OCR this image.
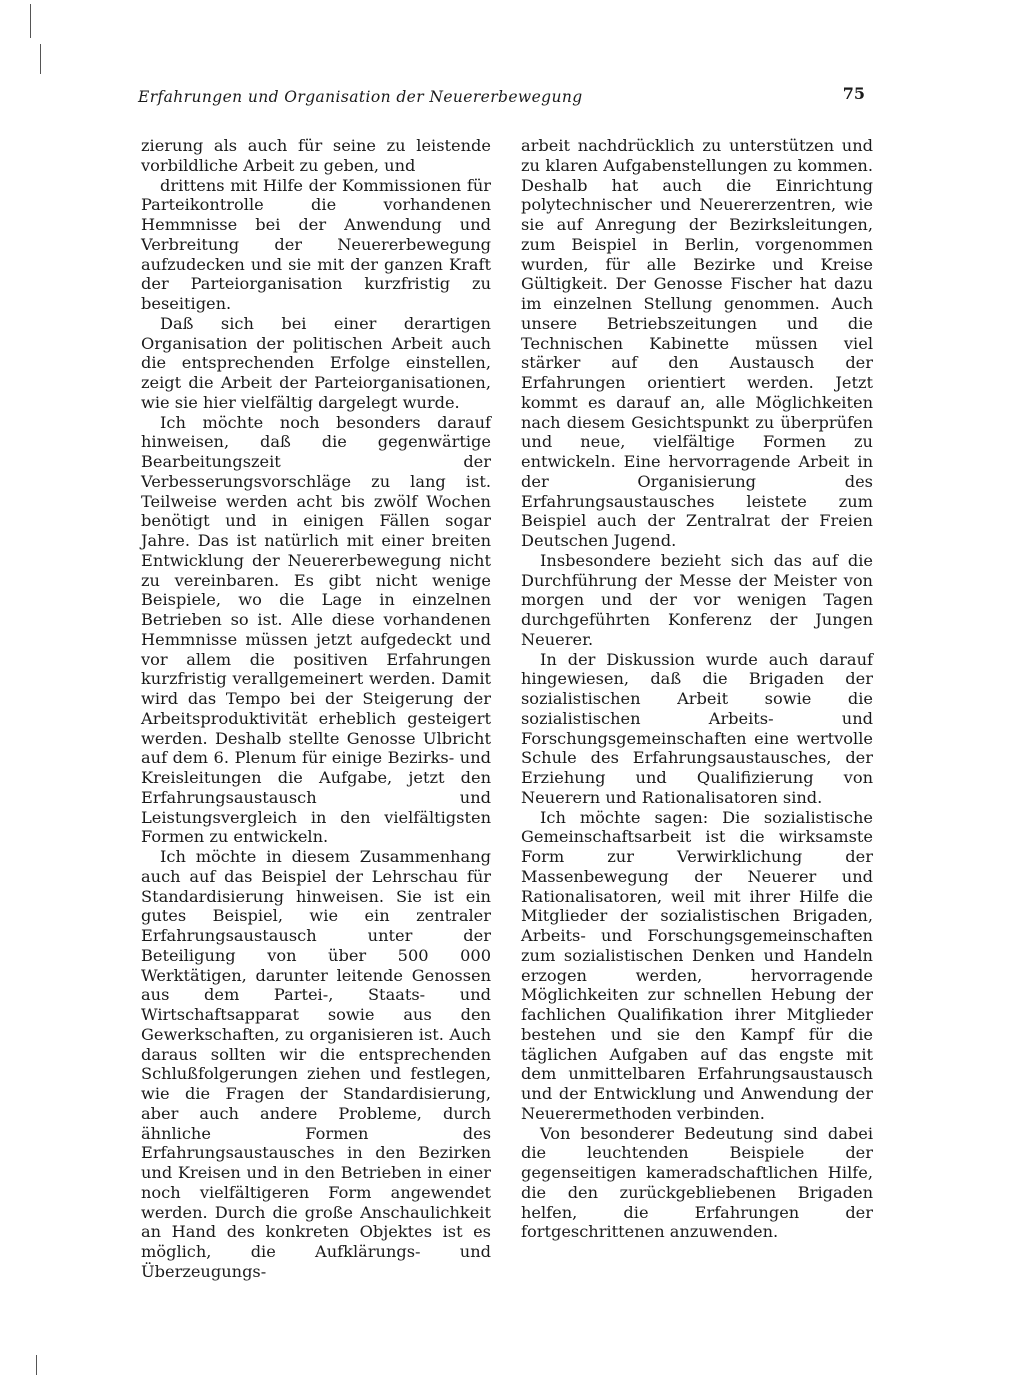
Erfahrungen und Organisation der Neuererbewegung	75

zierung als auch für seine zu leistende vorbildliche Arbeit zu geben, und

drittens mit Hilfe der Kommissionen für Parteikontrolle die vorhandenen Hemmnisse bei der Anwendung und Verbreitung der Neuererbewegung aufzudecken und sie mit der ganzen Kraft der Parteiorganisation kurzfristig zu beseitigen.

Daß sich bei einer derartigen Organisation der politischen Arbeit auch die entsprechenden Erfolge einstellen, zeigt die Arbeit der Parteiorganisationen, wie sie hier vielfältig dargelegt wurde.

Ich möchte noch besonders darauf hinweisen, daß die gegenwärtige Bearbeitungszeit der Verbesserungsvorschläge zu lang ist. Teilweise werden acht bis zwölf Wochen benötigt und in einigen Fällen sogar Jahre. Das ist natürlich mit einer breiten Entwicklung der Neuererbewegung nicht zu vereinbaren. Es gibt nicht wenige Beispiele, wo die Lage in einzelnen Betrieben so ist. Alle diese vorhandenen Hemmnisse müssen jetzt aufgedeckt und vor allem die positiven Erfahrungen kurzfristig verallgemeinert werden. Damit wird das Tempo bei der Steigerung der Arbeitsproduktivität erheblich gesteigert werden. Deshalb stellte Genosse Ulbricht auf dem 6. Plenum für einige Bezirks- und Kreisleitungen die Aufgabe, jetzt den Erfahrungsaustausch und Leistungsvergleich in den vielfältigsten Formen zu entwickeln.

Ich möchte in diesem Zusammenhang auch auf das Beispiel der Lehrschau für Standardisierung hinweisen. Sie ist ein gutes Beispiel, wie ein zentraler Erfahrungsaustausch unter der Beteiligung von über 500 000 Werktätigen, darunter leitende Genossen aus dem Partei-, Staats- und Wirtschaftsapparat sowie aus den Gewerkschaften, zu organisieren ist. Auch daraus sollten wir die entsprechenden Schlußfolgerungen ziehen und festlegen, wie die Fragen der Standardisierung, aber auch andere Probleme, durch ähnliche Formen des Erfahrungsaustausches in den Bezirken und Kreisen und in den Betrieben in einer noch vielfältigeren Form angewendet werden. Durch die große Anschaulichkeit an Hand des konkreten Objektes ist es möglich, die Aufklärungs- und Überzeugungs-

arbeit nachdrücklich zu unterstützen und zu klaren Aufgabenstellungen zu kommen. Deshalb hat auch die Einrichtung polytechnischer und Neuererzentren, wie sie auf Anregung der Bezirksleitungen, zum Beispiel in Berlin, vorgenommen wurden, für alle Bezirke und Kreise Gültigkeit. Der Genosse Fischer hat dazu im einzelnen Stellung genommen. Auch unsere Betriebszeitungen und die Technischen Kabinette müssen viel stärker auf den Austausch der Erfahrungen orientiert werden. Jetzt kommt es darauf an, alle Möglichkeiten nach diesem Gesichtspunkt zu überprüfen und neue, vielfältige Formen zu entwickeln. Eine hervorragende Arbeit in der Organisierung des Erfahrungsaustausches leistete zum Beispiel auch der Zentralrat der Freien Deutschen Jugend.

Insbesondere bezieht sich das auf die Durchführung der Messe der Meister von morgen und der vor wenigen Tagen durchgeführten Konferenz der Jungen Neuerer.

In der Diskussion wurde auch darauf hingewiesen, daß die Brigaden der sozialistischen Arbeit sowie die sozialistischen Arbeits- und Forschungsgemeinschaften eine wertvolle Schule des Erfahrungsaustausches, der Erziehung und Qualifizierung von Neuerern und Rationalisatoren sind.

Ich möchte sagen: Die sozialistische Gemeinschaftsarbeit ist die wirksamste Form zur Verwirklichung der Massenbewegung der Neuerer und Rationalisatoren, weil mit ihrer Hilfe die Mitglieder der sozialistischen Brigaden, Arbeits- und Forschungsgemeinschaften zum sozialistischen Denken und Handeln erzogen werden, hervorragende Möglichkeiten zur schnellen Hebung der fachlichen Qualifikation ihrer Mitglieder bestehen und sie den Kampf für die täglichen Aufgaben auf das engste mit dem unmittelbaren Erfahrungsaustausch und der Entwicklung und Anwendung der Neuerermethoden verbinden.

Von besonderer Bedeutung sind dabei die leuchtenden Beispiele der gegenseitigen kameradschaftlichen Hilfe, die den zurückgebliebenen Brigaden helfen, die Erfahrungen der fortgeschrittenen anzuwenden.
